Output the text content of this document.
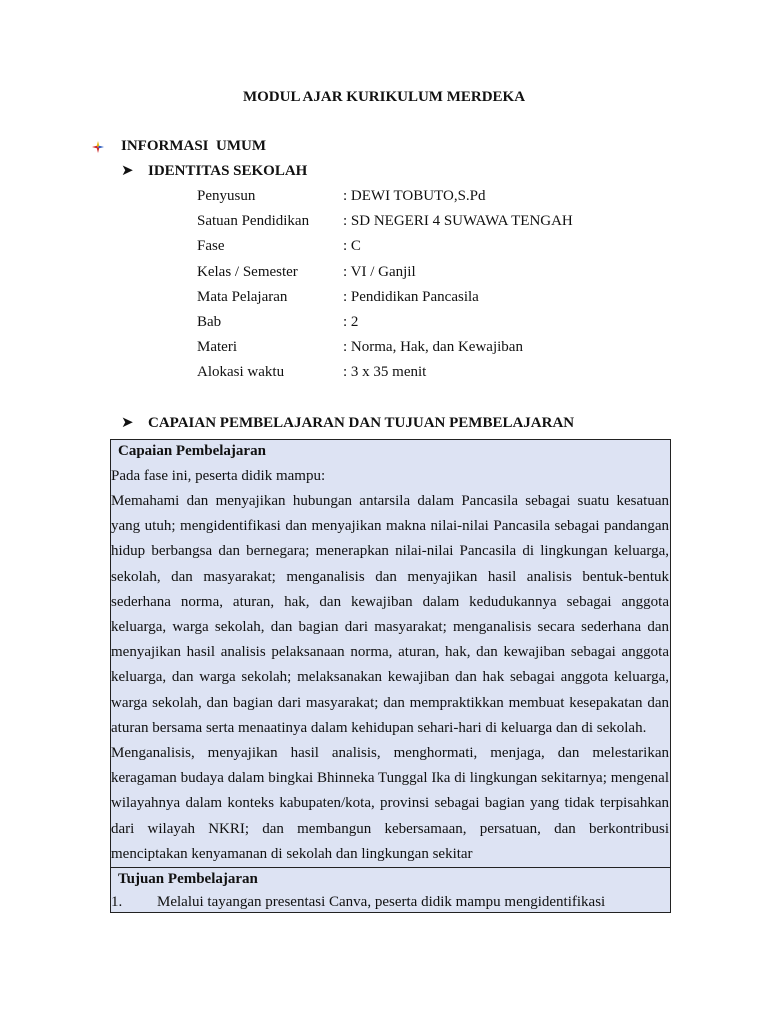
MODUL AJAR KURIKULUM MERDEKA
INFORMASI  UMUM
➤ IDENTITAS SEKOLAH
Penyusun	: DEWI TOBUTO,S.Pd
Satuan Pendidikan : SD NEGERI 4 SUWAWA TENGAH
Fase	: C
Kelas / Semester	: VI / Ganjil
Mata Pelajaran	: Pendidikan Pancasila
Bab	: 2
Materi	: Norma, Hak, dan Kewajiban
Alokasi waktu	: 3 x 35 menit
➤ CAPAIAN PEMBELAJARAN DAN TUJUAN PEMBELAJARAN
Capaian Pembelajaran
Pada fase ini, peserta didik mampu:
Memahami dan menyajikan hubungan antarsila dalam Pancasila sebagai suatu kesatuan yang utuh; mengidentifikasi dan menyajikan makna nilai-nilai Pancasila sebagai pandangan hidup berbangsa dan bernegara; menerapkan nilai-nilai Pancasila di lingkungan keluarga, sekolah, dan masyarakat; menganalisis dan menyajikan hasil analisis bentuk-bentuk sederhana norma, aturan, hak, dan kewajiban dalam kedudukannya sebagai anggota keluarga, warga sekolah, dan bagian dari masyarakat; menganalisis secara sederhana dan menyajikan hasil analisis pelaksanaan norma, aturan, hak, dan kewajiban sebagai anggota keluarga, dan warga sekolah; melaksanakan kewajiban dan hak sebagai anggota keluarga, warga sekolah, dan bagian dari masyarakat; dan mempraktikkan membuat kesepakatan dan aturan bersama serta menaatinya dalam kehidupan sehari-hari di keluarga dan di sekolah.
Menganalisis, menyajikan hasil analisis, menghormati, menjaga, dan melestarikan keragaman budaya dalam bingkai Bhinneka Tunggal Ika di lingkungan sekitarnya; mengenal wilayahnya dalam konteks kabupaten/kota, provinsi sebagai bagian yang tidak terpisahkan dari wilayah NKRI; dan membangun kebersamaan, persatuan, dan berkontribusi menciptakan kenyamanan di sekolah dan lingkungan sekitar
Tujuan Pembelajaran
1. Melalui tayangan presentasi Canva, peserta didik mampu mengidentifikasi
